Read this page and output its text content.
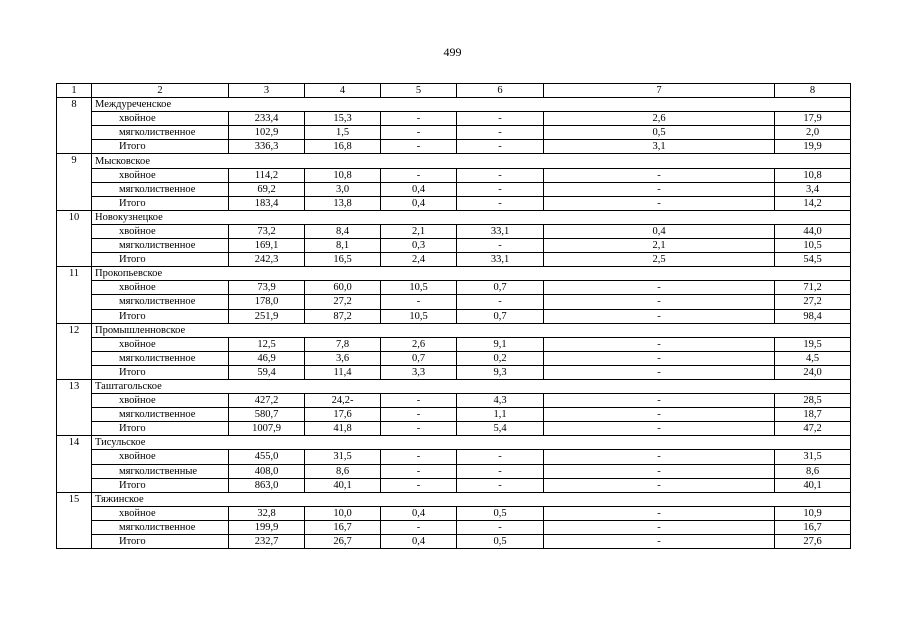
499
1	2	3	4	5	6	7	8
8	Междуреченское						
	хвойное	233,4	15,3	-	-	2,6	17,9
	мягколиственное	102,9	1,5	-	-	0,5	2,0
	Итого	336,3	16,8	-	-	3,1	19,9
9	Мысковское						
	хвойное	114,2	10,8	-	-	-	10,8
	мягколиственное	69,2	3,0	0,4	-	-	3,4
	Итого	183,4	13,8	0,4	-	-	14,2
10	Новокузнецкое						
	хвойное	73,2	8,4	2,1	33,1	0,4	44,0
	мягколиственное	169,1	8,1	0,3	-	2,1	10,5
	Итого	242,3	16,5	2,4	33,1	2,5	54,5
11	Прокопьевское						
	хвойное	73,9	60,0	10,5	0,7	-	71,2
	мягколиственное	178,0	27,2	-	-	-	27,2
	Итого	251,9	87,2	10,5	0,7	-	98,4
12	Промышленновское						
	хвойное	12,5	7,8	2,6	9,1	-	19,5
	мягколиственное	46,9	3,6	0,7	0,2	-	4,5
	Итого	59,4	11,4	3,3	9,3	-	24,0
13	Таштагольское						
	хвойное	427,2	24,2-	-	4,3	-	28,5
	мягколиственное	580,7	17,6	-	1,1	-	18,7
	Итого	1007,9	41,8	-	5,4	-	47,2
14	Тисульское						
	хвойное	455,0	31,5	-	-	-	31,5
	мягколиственные	408,0	8,6	-	-	-	8,6
	Итого	863,0	40,1	-	-	-	40,1
15	Тяжинское						
	хвойное	32,8	10,0	0,4	0,5	-	10,9
	мягколиственное	199,9	16,7	-	-	-	16,7
	Итого	232,7	26,7	0,4	0,5	-	27,6
